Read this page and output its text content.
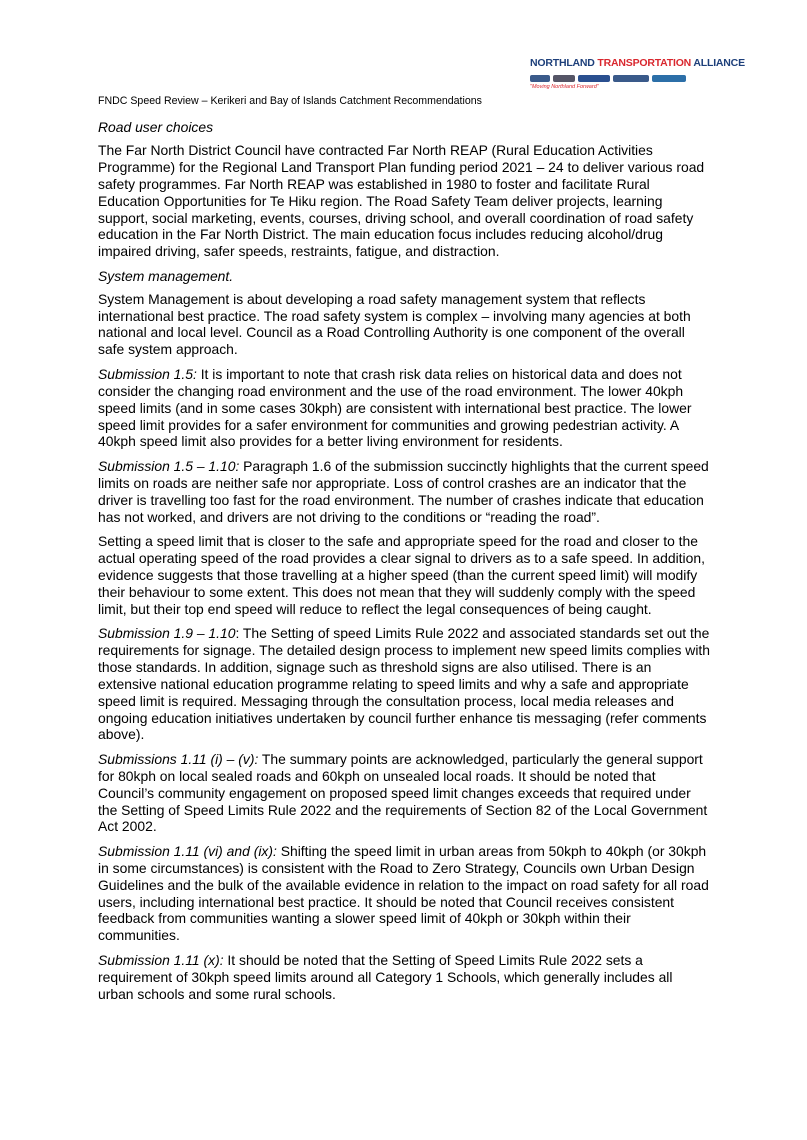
NORTHLAND TRANSPORTATION ALLIANCE
"Moving Northland Forward"
FNDC Speed Review – Kerikeri and Bay of Islands Catchment Recommendations

Road user choices

The Far North District Council have contracted Far North REAP (Rural Education Activities Programme) for the Regional Land Transport Plan funding period 2021 – 24 to deliver various road safety programmes. Far North REAP was established in 1980 to foster and facilitate Rural Education Opportunities for Te Hiku region. The Road Safety Team deliver projects, learning support, social marketing, events, courses, driving school, and overall coordination of road safety education in the Far North District. The main education focus includes reducing alcohol/drug impaired driving, safer speeds, restraints, fatigue, and distraction.

System management.

System Management is about developing a road safety management system that reflects international best practice. The road safety system is complex – involving many agencies at both national and local level. Council as a Road Controlling Authority is one component of the overall safe system approach.

Submission 1.5: It is important to note that crash risk data relies on historical data and does not consider the changing road environment and the use of the road environment. The lower 40kph speed limits (and in some cases 30kph) are consistent with international best practice. The lower speed limit provides for a safer environment for communities and growing pedestrian activity. A 40kph speed limit also provides for a better living environment for residents.

Submission 1.5 – 1.10: Paragraph 1.6 of the submission succinctly highlights that the current speed limits on roads are neither safe nor appropriate. Loss of control crashes are an indicator that the driver is travelling too fast for the road environment. The number of crashes indicate that education has not worked, and drivers are not driving to the conditions or “reading the road”.

Setting a speed limit that is closer to the safe and appropriate speed for the road and closer to the actual operating speed of the road provides a clear signal to drivers as to a safe speed. In addition, evidence suggests that those travelling at a higher speed (than the current speed limit) will modify their behaviour to some extent. This does not mean that they will suddenly comply with the speed limit, but their top end speed will reduce to reflect the legal consequences of being caught.

Submission 1.9 – 1.10: The Setting of speed Limits Rule 2022 and associated standards set out the requirements for signage. The detailed design process to implement new speed limits complies with those standards. In addition, signage such as threshold signs are also utilised. There is an extensive national education programme relating to speed limits and why a safe and appropriate speed limit is required. Messaging through the consultation process, local media releases and ongoing education initiatives undertaken by council further enhance tis messaging (refer comments above).

Submissions 1.11 (i) – (v): The summary points are acknowledged, particularly the general support for 80kph on local sealed roads and 60kph on unsealed local roads. It should be noted that Council’s community engagement on proposed speed limit changes exceeds that required under the Setting of Speed Limits Rule 2022 and the requirements of Section 82 of the Local Government Act 2002.

Submission 1.11 (vi) and (ix): Shifting the speed limit in urban areas from 50kph to 40kph (or 30kph in some circumstances) is consistent with the Road to Zero Strategy, Councils own Urban Design Guidelines and the bulk of the available evidence in relation to the impact on road safety for all road users, including international best practice. It should be noted that Council receives consistent feedback from communities wanting a slower speed limit of 40kph or 30kph within their communities.

Submission 1.11 (x): It should be noted that the Setting of Speed Limits Rule 2022 sets a requirement of 30kph speed limits around all Category 1 Schools, which generally includes all urban schools and some rural schools.
